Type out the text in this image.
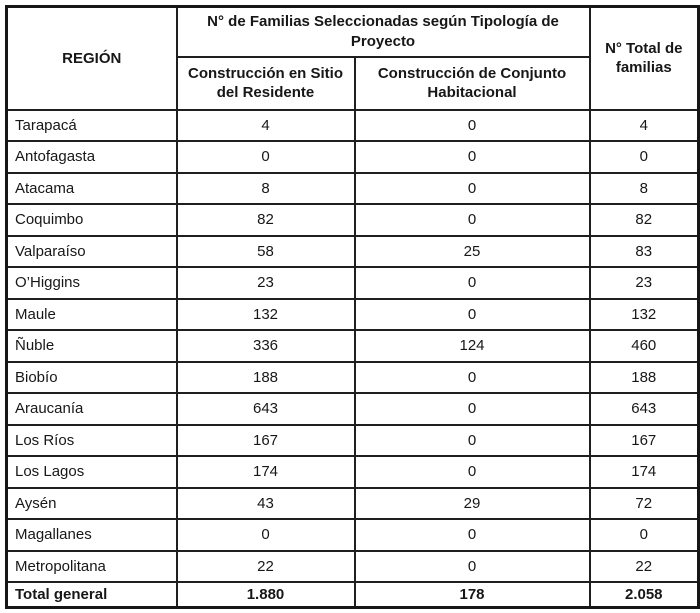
REGIÓN	N° de Familias Seleccionadas según Tipología de Proyecto		N° Total de familias
	Construcción en Sitio del Residente	Construcción de Conjunto Habitacional	
Tarapacá	4	0	4
Antofagasta	0	0	0
Atacama	8	0	8
Coquimbo	82	0	82
Valparaíso	58	25	83
O’Higgins	23	0	23
Maule	132	0	132
Ñuble	336	124	460
Biobío	188	0	188
Araucanía	643	0	643
Los Ríos	167	0	167
Los Lagos	174	0	174
Aysén	43	29	72
Magallanes	0	0	0
Metropolitana	22	0	22
Total general	1.880	178	2.058
